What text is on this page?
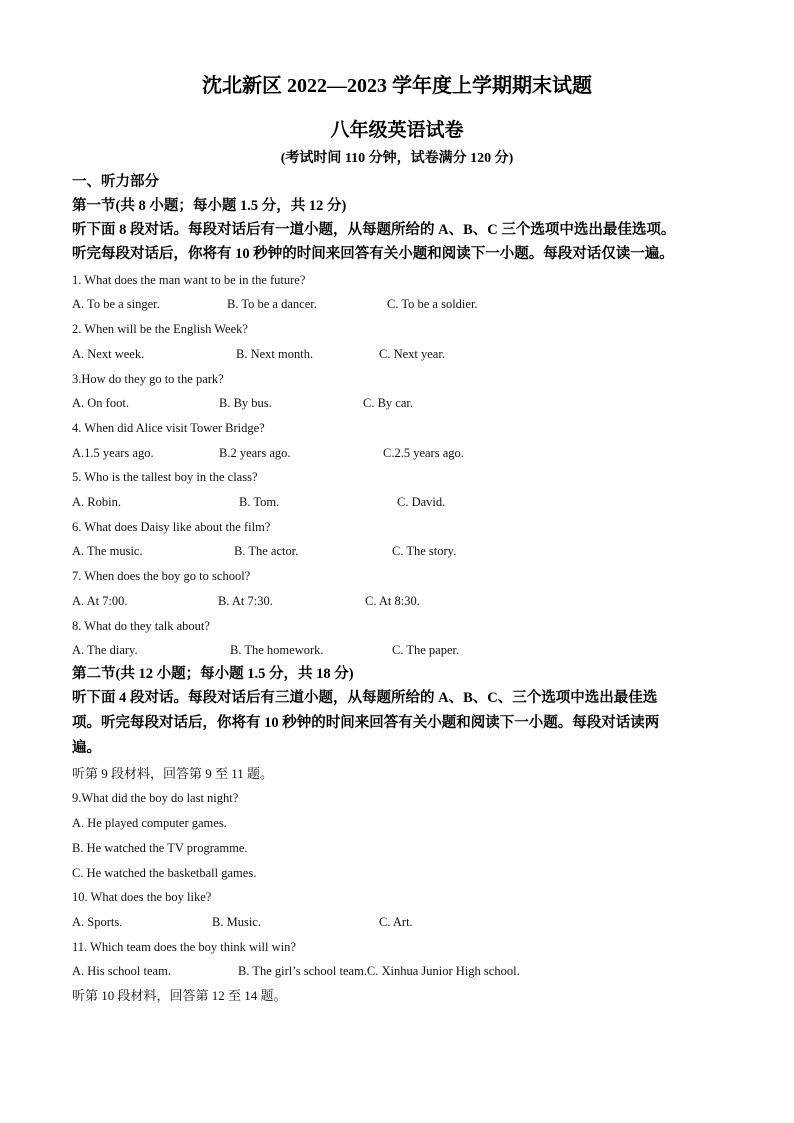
沈北新区 2022—2023 学年度上学期期末试题
八年级英语试卷
(考试时间 110 分钟，试卷满分 120 分)
一、听力部分
第一节(共 8 小题；每小题 1.5 分，共 12 分)
听下面 8 段对话。每段对话后有一道小题，从每题所给的 A、B、C 三个选项中选出最佳选项。
听完每段对话后，你将有 10 秒钟的时间来回答有关小题和阅读下一小题。每段对话仅读一遍。
1. What does the man want to be in the future?
A. To be a singer.	B. To be a dancer.	C. To be a soldier.
2. When will be the English Week?
A. Next week.	B. Next month.	C. Next year.
3.How do they go to the park?
A. On foot.	B. By bus.	C. By car.
4. When did Alice visit Tower Bridge?
A.1.5 years ago.	B.2 years ago.	C.2.5 years ago.
5. Who is the tallest boy in the class?
A. Robin.	B. Tom.	C. David.
6. What does Daisy like about the film?
A. The music.	B. The actor.	C. The story.
7. When does the boy go to school?
A. At 7:00.	B. At 7:30.	C. At 8:30.
8. What do they talk about?
A. The diary.	B. The homework.	C. The paper.
第二节(共 12 小题；每小题 1.5 分，共 18 分)
听下面 4 段对话。每段对话后有三道小题，从每题所给的 A、B、C、三个选项中选出最佳选
项。听完每段对话后，你将有 10 秒钟的时间来回答有关小题和阅读下一小题。每段对话读两
遍。
听第 9 段材料，回答第 9 至 11 题。
9.What did the boy do last night?
A. He played computer games.
B. He watched the TV programme.
C. He watched the basketball games.
10. What does the boy like?
A. Sports.	B. Music.	C. Art.
11. Which team does the boy think will win?
A. His school team.	B. The girl’s school team.C. Xinhua Junior High school.
听第 10 段材料，回答第 12 至 14 题。
